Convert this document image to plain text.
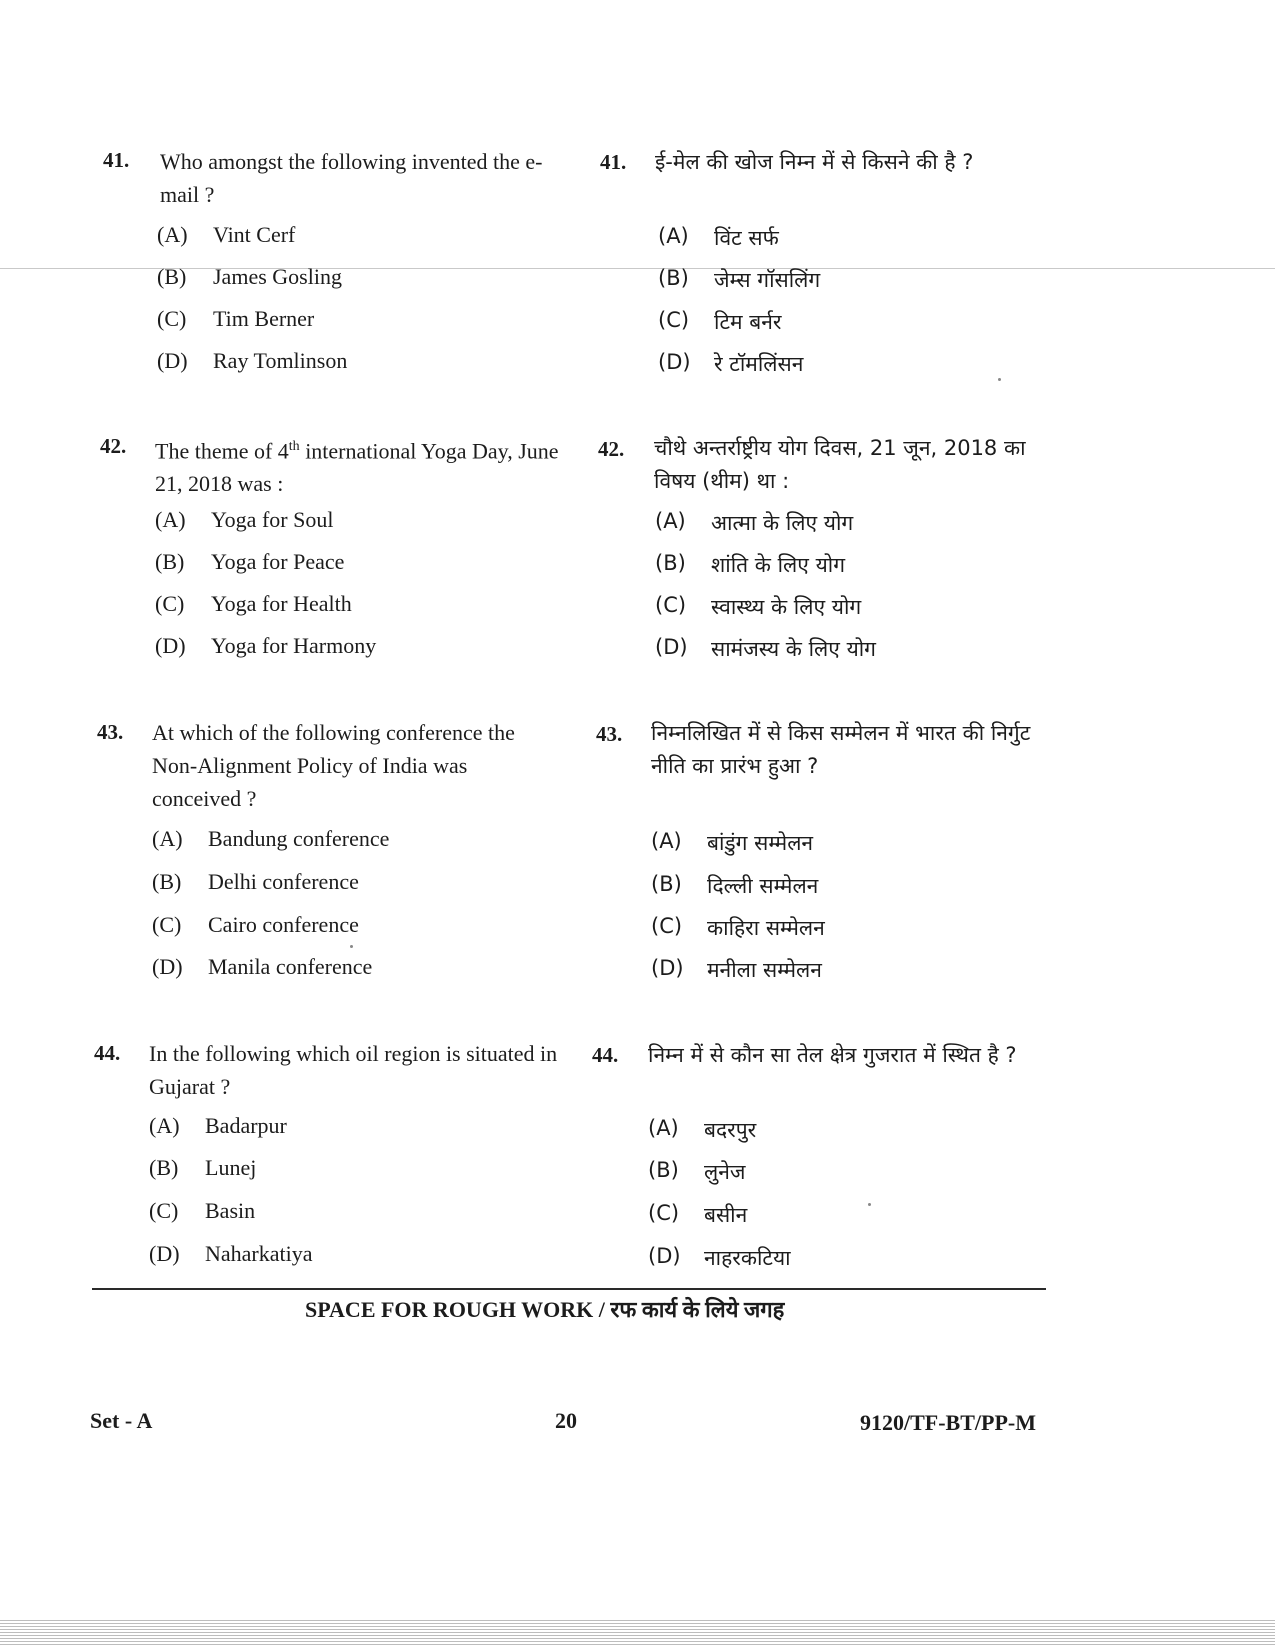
41. Who amongst the following invented the e-mail ?
(A) Vint Cerf
(B) James Gosling
(C) Tim Berner
(D) Ray Tomlinson
41. ई-मेल की खोज निम्न में से किसने की है ?
(A) विंट सर्फ
(B) जेम्स गॉसलिंग
(C) टिम बर्नर
(D) रे टॉमलिंसन
42. The theme of 4th international Yoga Day, June 21, 2018 was :
(A) Yoga for Soul
(B) Yoga for Peace
(C) Yoga for Health
(D) Yoga for Harmony
42. चौथे अन्तर्राष्ट्रीय योग दिवस, 21 जून, 2018 का विषय (थीम) था :
(A) आत्मा के लिए योग
(B) शांति के लिए योग
(C) स्वास्थ्य के लिए योग
(D) सामंजस्य के लिए योग
43. At which of the following conference the Non-Alignment Policy of India was conceived ?
(A) Bandung conference
(B) Delhi conference
(C) Cairo conference
(D) Manila conference
43. निम्नलिखित में से किस सम्मेलन में भारत की निर्गुट नीति का प्रारंभ हुआ ?
(A) बांडुंग सम्मेलन
(B) दिल्ली सम्मेलन
(C) काहिरा सम्मेलन
(D) मनीला सम्मेलन
44. In the following which oil region is situated in Gujarat ?
(A) Badarpur
(B) Lunej
(C) Basin
(D) Naharkatiya
44. निम्न में से कौन सा तेल क्षेत्र गुजरात में स्थित है ?
(A) बदरपुर
(B) लुनेज
(C) बसीन
(D) नाहरकटिया
SPACE FOR ROUGH WORK / रफ कार्य के लिये जगह
Set - A	20	9120/TF-BT/PP-M
